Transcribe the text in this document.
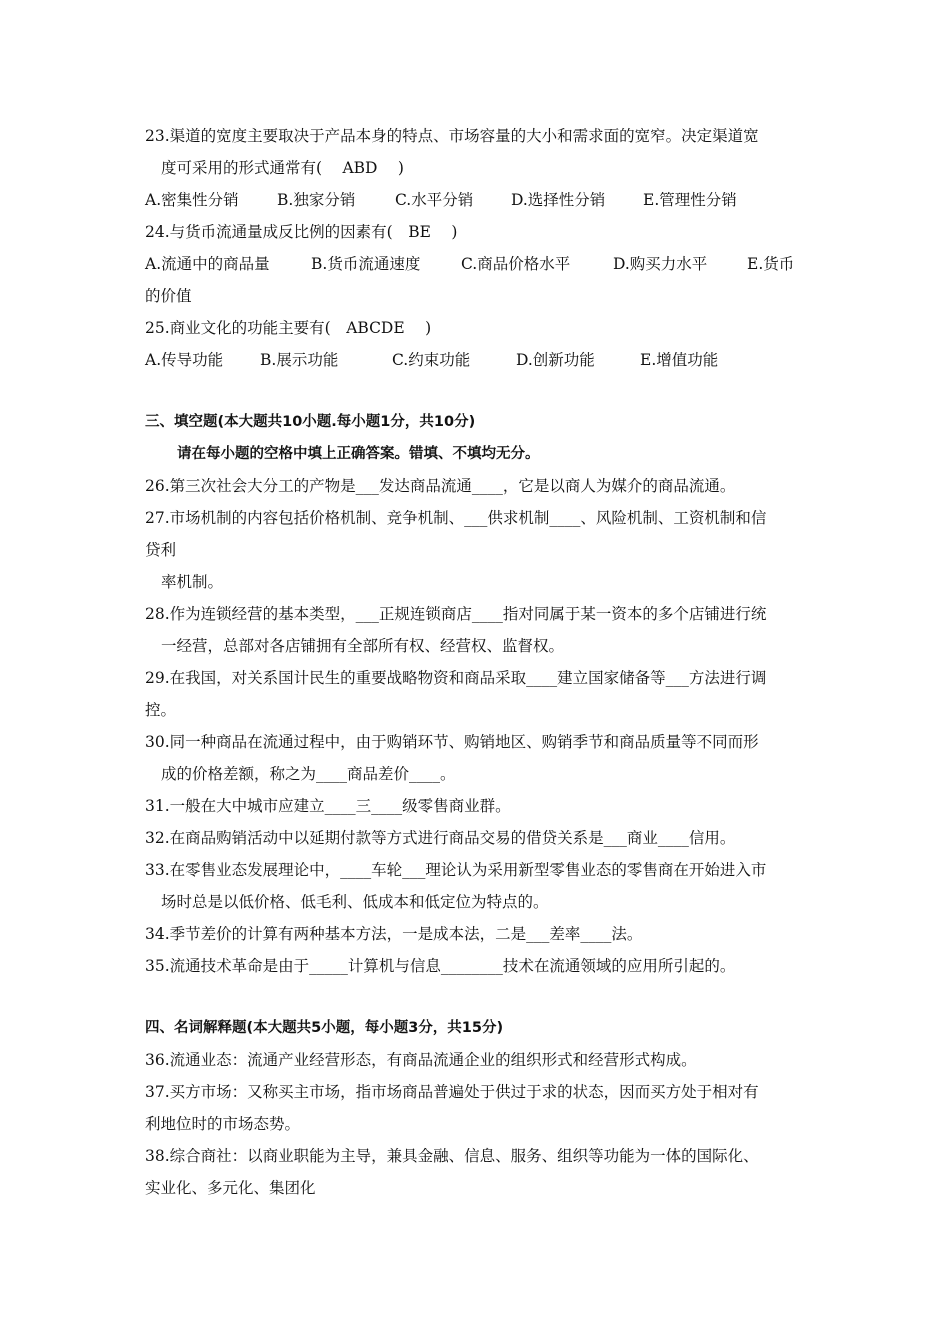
23.渠道的宽度主要取决于产品本身的特点、市场容量的大小和需求面的宽窄。决定渠道宽
度可采用的形式通常有(　 ABD　 )
A.密集性分销 B.独家分销	C.水平分销 D.选择性分销 E.管理性分销
24.与货币流通量成反比例的因素有(　BE　 )
A.流通中的商品量	B.货币流通速度	C.商品价格水平	D.购买力水平	E.货币
的价值
25.商业文化的功能主要有(　ABCDE　 )
A.传导功能 B.展示功能	C.约束功能	D.创新功能	E.增值功能
三、填空题(本大题共10小题.每小题1分，共10分)
请在每小题的空格中填上正确答案。错填、不填均无分。
26.第三次社会大分工的产物是___发达商品流通____，它是以商人为媒介的商品流通。
27.市场机制的内容包括价格机制、竞争机制、___供求机制____、风险机制、工资机制和信
贷利
率机制。
28.作为连锁经营的基本类型，___正规连锁商店____指对同属于某一资本的多个店铺进行统
一经营，总部对各店铺拥有全部所有权、经营权、监督权。
29.在我国，对关系国计民生的重要战略物资和商品采取____建立国家储备等___方法进行调
控。
30.同一种商品在流通过程中，由于购销环节、购销地区、购销季节和商品质量等不同而形
成的价格差额，称之为____商品差价____。
31.一般在大中城市应建立____三____级零售商业群。
32.在商品购销活动中以延期付款等方式进行商品交易的借贷关系是___商业____信用。
33.在零售业态发展理论中，____车轮___理论认为采用新型零售业态的零售商在开始进入市
场时总是以低价格、低毛利、低成本和低定位为特点的。
34.季节差价的计算有两种基本方法，一是成本法，二是___差率____法。
35.流通技术革命是由于_____计算机与信息________技术在流通领域的应用所引起的。
四、名词解释题(本大题共5小题，每小题3分，共15分)
36.流通业态：流通产业经营形态，有商品流通企业的组织形式和经营形式构成。
37.买方市场：又称买主市场，指市场商品普遍处于供过于求的状态，因而买方处于相对有
利地位时的市场态势。
38.综合商社：以商业职能为主导，兼具金融、信息、服务、组织等功能为一体的国际化、
实业化、多元化、集团化
